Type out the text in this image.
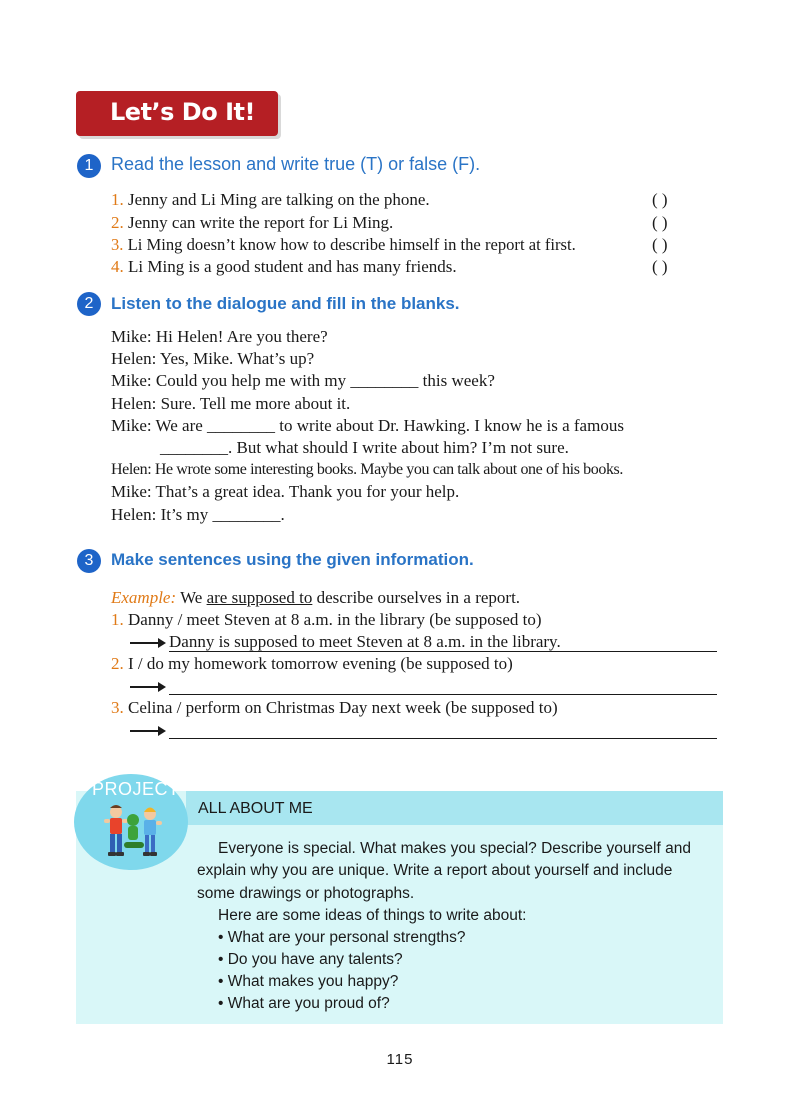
Let’s Do It!
1 Read the lesson and write true (T) or false (F).
1. Jenny and Li Ming are talking on the phone.	( )
2. Jenny can write the report for Li Ming.	( )
3. Li Ming doesn’t know how to describe himself in the report at first.	( )
4. Li Ming is a good student and has many friends.	( )
2	Listen to the dialogue and fill in the blanks.
Mike: Hi Helen! Are you there?
Helen: Yes, Mike. What’s up?
Mike: Could you help me with my ________ this week?
Helen: Sure. Tell me more about it.
Mike: We are ________ to write about Dr. Hawking. I know he is a famous
________. But what should I write about him? I’m not sure.
Helen: He wrote some interesting books. Maybe you can talk about one of his books.
Mike: That’s a great idea. Thank you for your help.
Helen: It’s my ________.
3	Make sentences using the given information.
Example: We are supposed to describe ourselves in a report.
1. Danny / meet Steven at 8 a.m. in the library (be supposed to)
Danny is supposed to meet Steven at 8 a.m. in the library.
2. I / do my homework tomorrow evening (be supposed to)
3. Celina / perform on Christmas Day next week (be supposed to)
ALL ABOUT ME
PROJECT
Everyone is special. What makes you special? Describe yourself and
explain why you are unique. Write a report about yourself and include
some drawings or photographs.
Here are some ideas of things to write about:
• What are your personal strengths?
• Do you have any talents?
• What makes you happy?
• What are you proud of?
115
